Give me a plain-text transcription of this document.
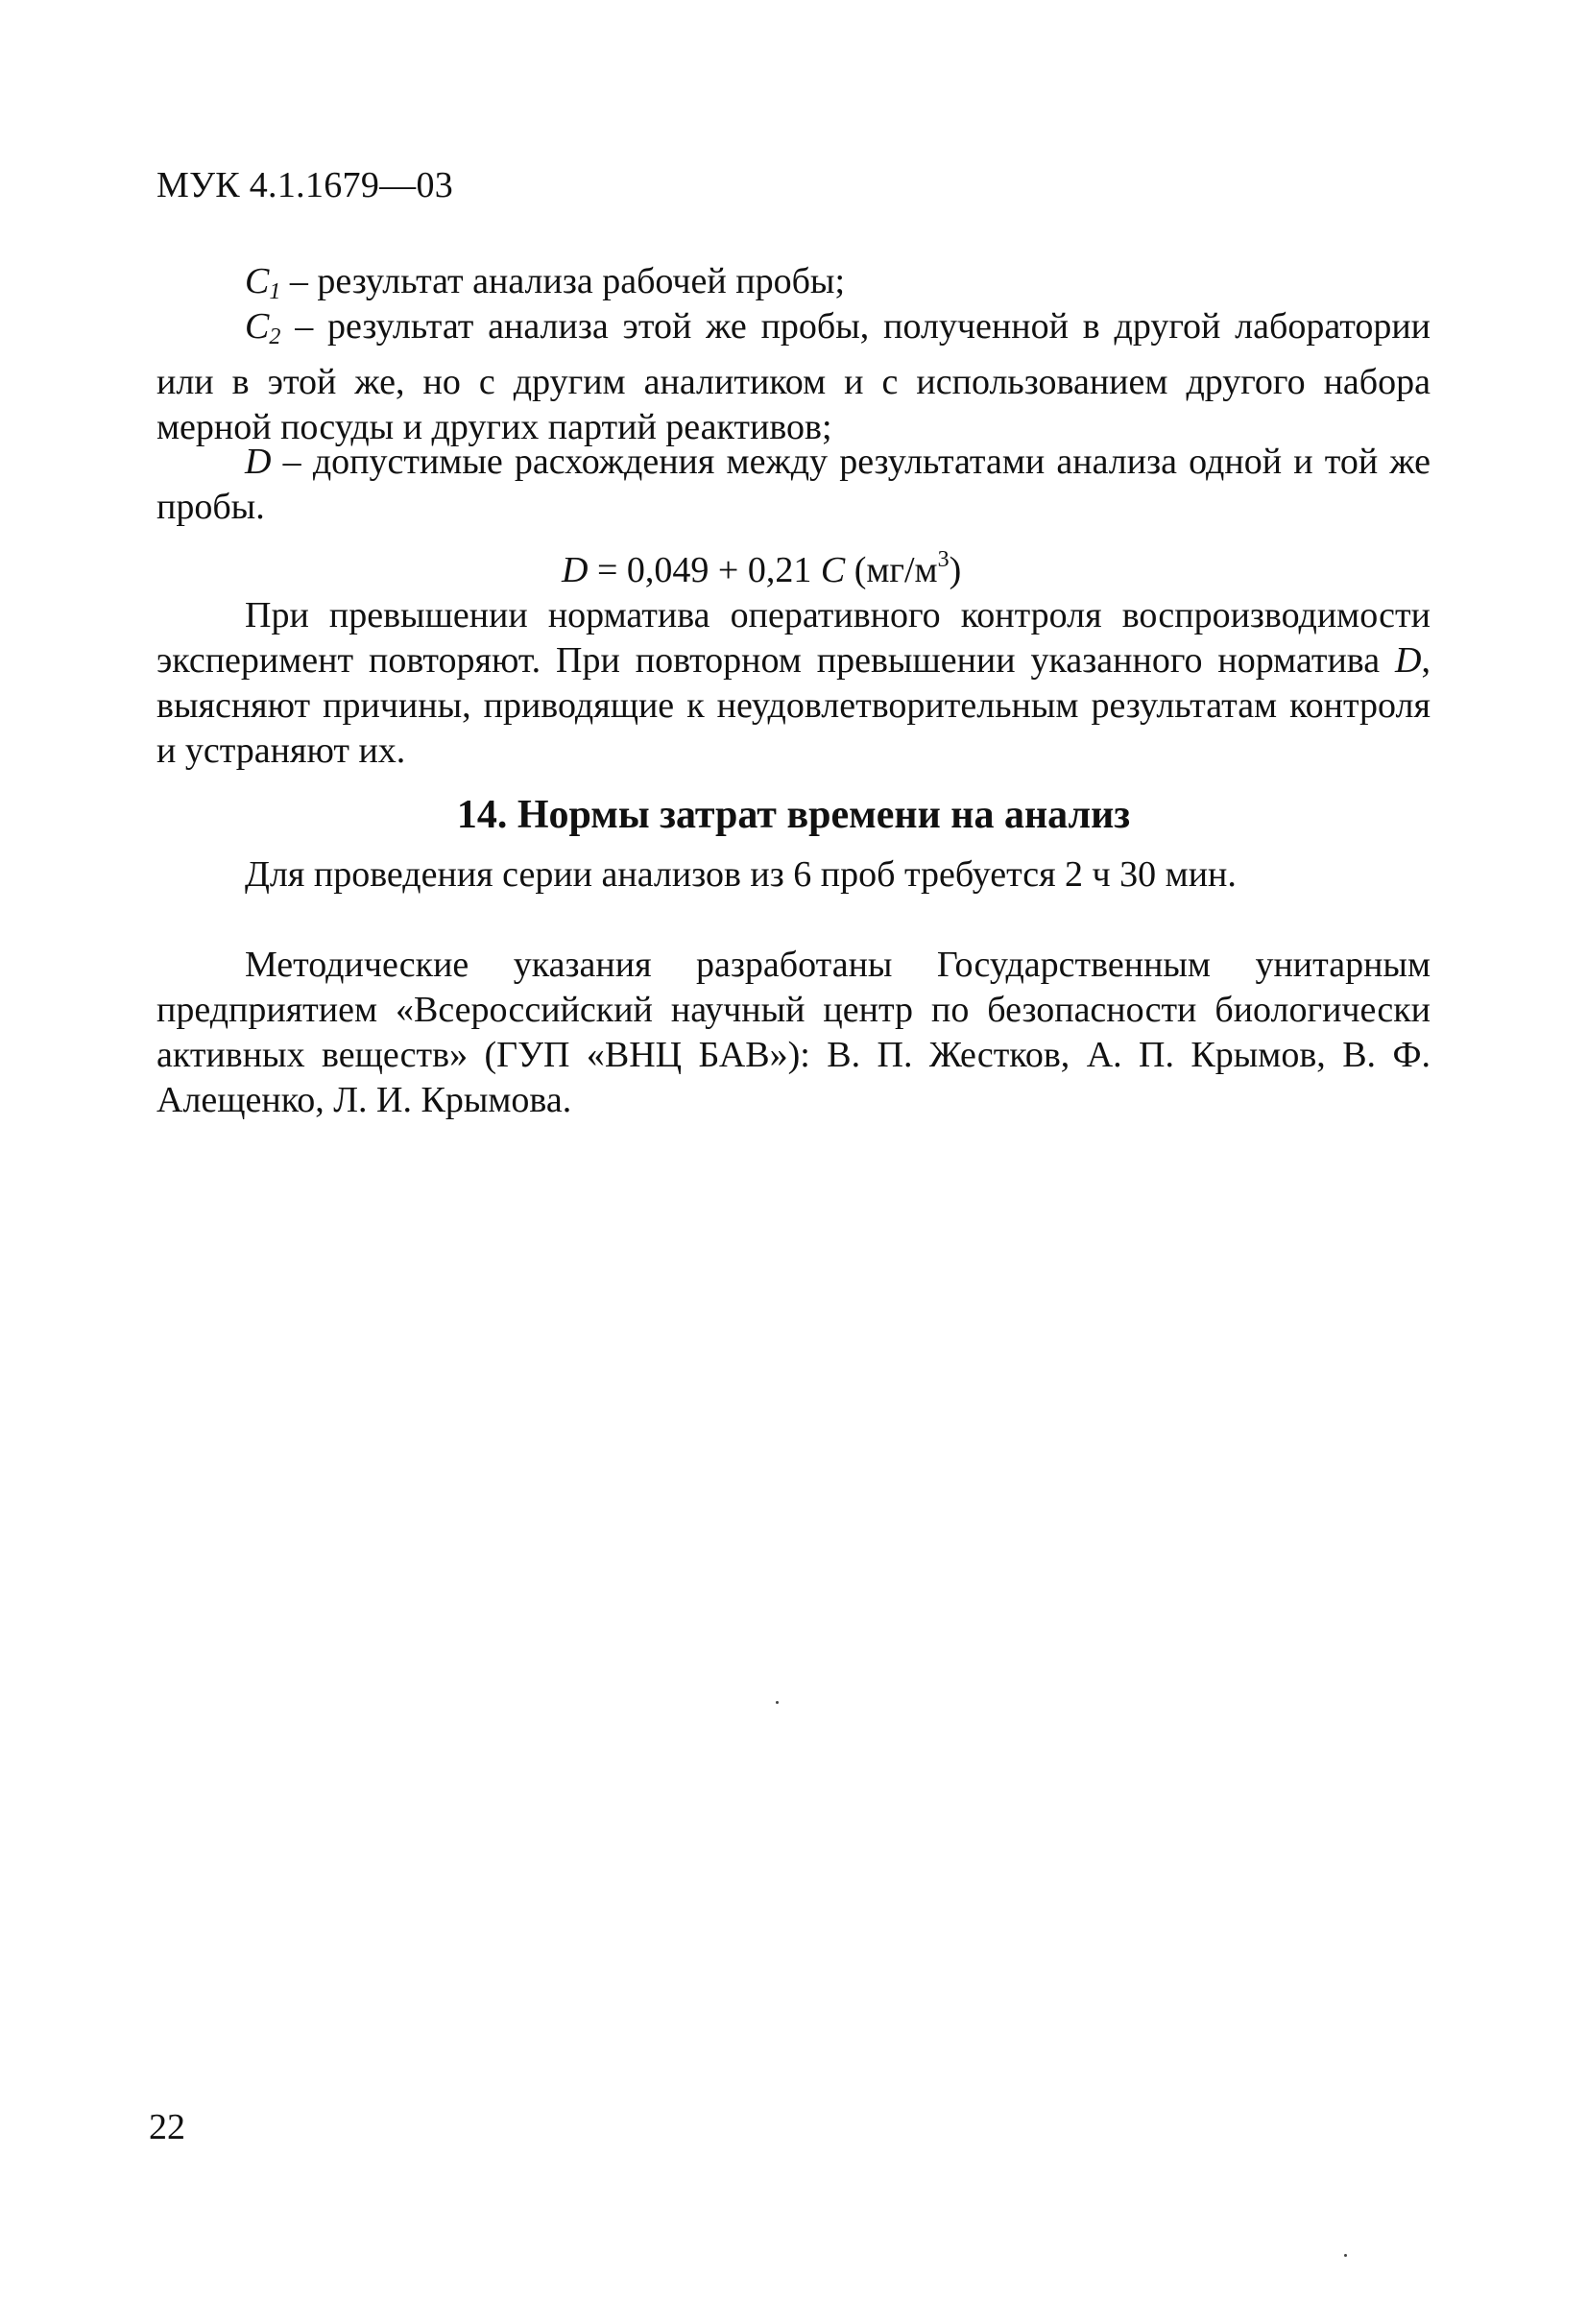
МУК 4.1.1679—03
$C_1$ – результат анализа рабочей пробы;
$C_2$ – результат анализа этой же пробы, полученной в другой лаборатории или в этой же, но с другим аналитиком и с использованием другого набора мерной посуды и других партий реактивов;
D – допустимые расхождения между результатами анализа одной и той же пробы.
D = 0,049 + 0,21 C $(мг/м^3)$
При превышении норматива оперативного контроля воспроизводимости эксперимент повторяют. При повторном превышении указанного норматива D, выясняют причины, приводящие к неудовлетворительным результатам контроля и устраняют их.
14. Нормы затрат времени на анализ
Для проведения серии анализов из 6 проб требуется 2 ч 30 мин.
Методические указания разработаны Государственным унитарным предприятием «Всероссийский научный центр по безопасности биологически активных веществ» (ГУП «ВНЦ БАВ»): В. П. Жестков, А. П. Крымов, В. Ф. Алещенко, Л. И. Крымова.
22
